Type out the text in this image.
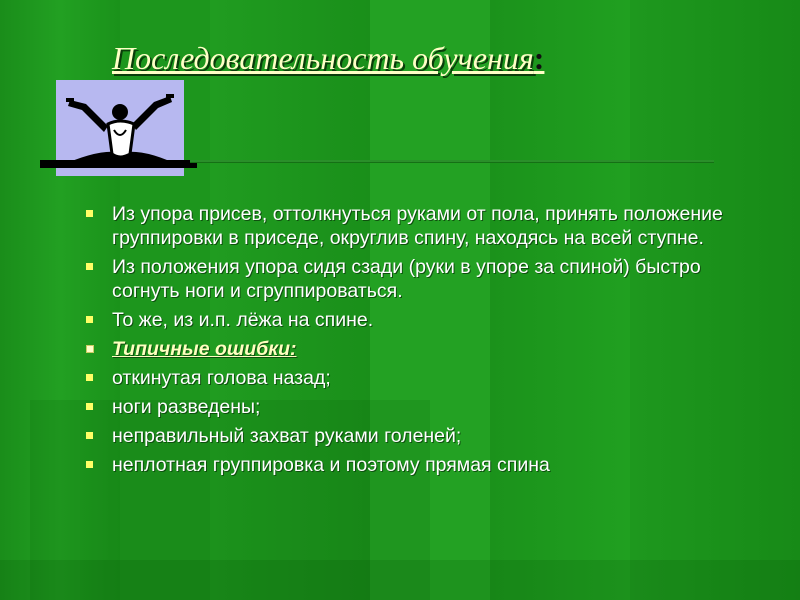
Последовательность обучения:
Из упора присев, оттолкнуться руками от пола, принять положение группировки в приседе, округлив спину, находясь на всей ступне.
Из положения упора сидя сзади (руки в упоре за спиной) быстро согнуть ноги и сгруппироваться.
То же, из и.п. лёжа на спине.
Типичные ошибки:
откинутая голова назад;
ноги разведены;
неправильный захват руками голеней;
неплотная группировка и поэтому прямая спина
